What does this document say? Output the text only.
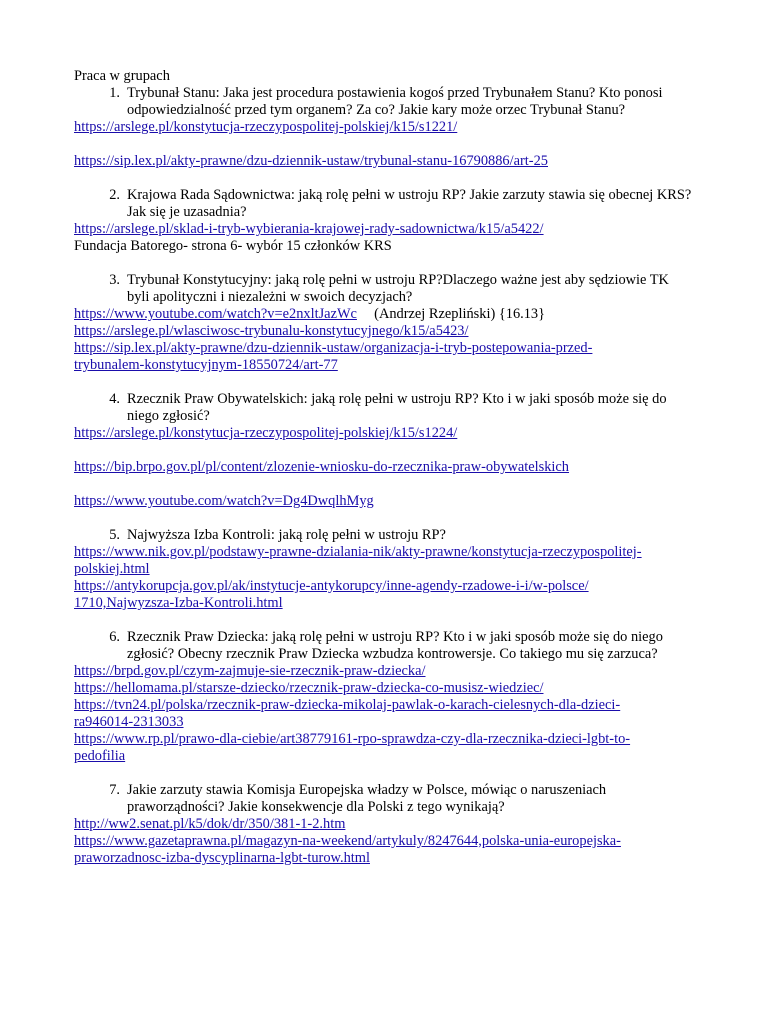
Praca w grupach

1. Trybunał Stanu: Jaka jest procedura postawienia kogoś przed Trybunałem Stanu? Kto ponosi odpowiedzialność przed tym organem? Za co? Jakie kary może orzec Trybunał Stanu?
https://arslege.pl/konstytucja-rzeczypospolitej-polskiej/k15/s1221/
https://sip.lex.pl/akty-prawne/dzu-dziennik-ustaw/trybunal-stanu-16790886/art-25
2. Krajowa Rada Sądownictwa: jaką rolę pełni w ustroju RP? Jakie zarzuty stawia się obecnej KRS? Jak się je uzasadnia?
https://arslege.pl/sklad-i-tryb-wybierania-krajowej-rady-sadownictwa/k15/a5422/

Fundacja Batorego- strona 6- wybór 15 członków KRS

3. Trybunał Konstytucyjny: jaką rolę pełni w ustroju RP?Dlaczego ważne jest aby sędziowie TK byli apolityczni i niezależni w swoich decyzjach?
https://www.youtube.com/watch?v=e2nxltJazWc (Andrzej Rzepliński) {16.13}
https://arslege.pl/wlasciwosc-trybunalu-konstytucyjnego/k15/a5423/
https://sip.lex.pl/akty-prawne/dzu-dziennik-ustaw/organizacja-i-tryb-postepowania-przed-
trybunalem-konstytucyjnym-18550724/art-77
4. Rzecznik Praw Obywatelskich: jaką rolę pełni w ustroju RP? Kto i w jaki sposób może się do niego zgłosić?
https://arslege.pl/konstytucja-rzeczypospolitej-polskiej/k15/s1224/
https://bip.brpo.gov.pl/pl/content/zlozenie-wniosku-do-rzecznika-praw-obywatelskich
https://www.youtube.com/watch?v=Dg4DwqlhMyg
5. Najwyższa Izba Kontroli: jaką rolę pełni w ustroju RP?
https://www.nik.gov.pl/podstawy-prawne-dzialania-nik/akty-prawne/konstytucja-rzeczypospolitej-
polskiej.html
https://antykorupcja.gov.pl/ak/instytucje-antykorupcy/inne-agendy-rzadowe-i-i/w-polsce/
1710,Najwyzsza-Izba-Kontroli.html
6. Rzecznik Praw Dziecka: jaką rolę pełni w ustroju RP? Kto i w jaki sposób może się do niego zgłosić? Obecny rzecznik Praw Dziecka wzbudza kontrowersje. Co takiego mu się zarzuca?
https://brpd.gov.pl/czym-zajmuje-sie-rzecznik-praw-dziecka/
https://hellomama.pl/starsze-dziecko/rzecznik-praw-dziecka-co-musisz-wiedziec/
https://tvn24.pl/polska/rzecznik-praw-dziecka-mikolaj-pawlak-o-karach-cielesnych-dla-dzieci-
ra946014-2313033
https://www.rp.pl/prawo-dla-ciebie/art38779161-rpo-sprawdza-czy-dla-rzecznika-dzieci-lgbt-to-
pedofilia
7. Jakie zarzuty stawia Komisja Europejska władzy w Polsce, mówiąc o naruszeniach praworządności? Jakie konsekwencje dla Polski z tego wynikają?
http://ww2.senat.pl/k5/dok/dr/350/381-1-2.htm
https://www.gazetaprawna.pl/magazyn-na-weekend/artykuly/8247644,polska-unia-europejska-
praworzadnosc-izba-dyscyplinarna-lgbt-turow.html
